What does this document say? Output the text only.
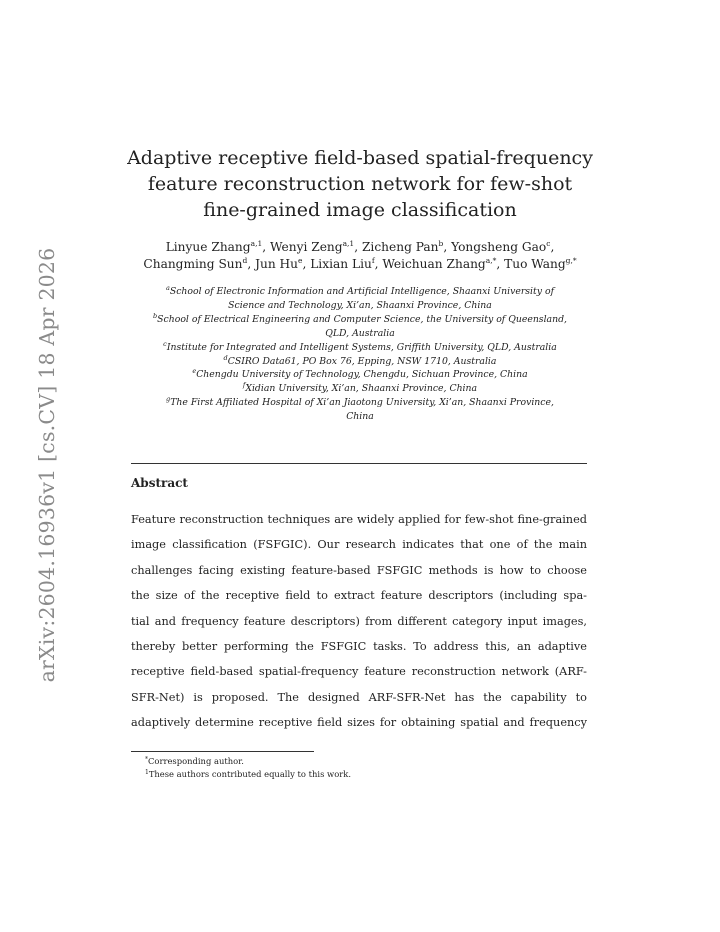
arXiv:2604.16936v1 [cs.CV] 18 Apr 2026
Adaptive receptive field-based spatial-frequency
feature reconstruction network for few-shot
fine-grained image classification
Linyue Zhang$^{a,1}$, Wenyi Zeng$^{a,1}$, Zicheng Pan$^b$, Yongsheng Gao$^c$,
Changming Sun$^d$, Jun Hu$^e$, Lixian Liu$^f$, Weichuan Zhang$^{a,*}$, Tuo Wang$^{g,*}$
$^a$School of Electronic Information and Artificial Intelligence, Shaanxi University of
Science and Technology, Xi’an, Shaanxi Province, China
$^b$School of Electrical Engineering and Computer Science, the University of Queensland,
QLD, Australia
$^c$Institute for Integrated and Intelligent Systems, Griffith University, QLD, Australia
$^d$CSIRO Data61, PO Box 76, Epping, NSW 1710, Australia
$^e$Chengdu University of Technology, Chengdu, Sichuan Province, China
$^f$Xidian University, Xi’an, Shaanxi Province, China
$^g$The First Affiliated Hospital of Xi’an Jiaotong University, Xi’an, Shaanxi Province,
China
Abstract
Feature reconstruction techniques are widely applied for few-shot fine-grained
image classification (FSFGIC). Our research indicates that one of the main
challenges facing existing feature-based FSFGIC methods is how to choose
the size of the receptive field to extract feature descriptors (including spa-
tial and frequency feature descriptors) from different category input images,
thereby better performing the FSFGIC tasks. To address this, an adaptive
receptive field-based spatial-frequency feature reconstruction network (ARF-
SFR-Net) is proposed. The designed ARF-SFR-Net has the capability to
adaptively determine receptive field sizes for obtaining spatial and frequency
*Corresponding author.
$^1$These authors contributed equally to this work.
